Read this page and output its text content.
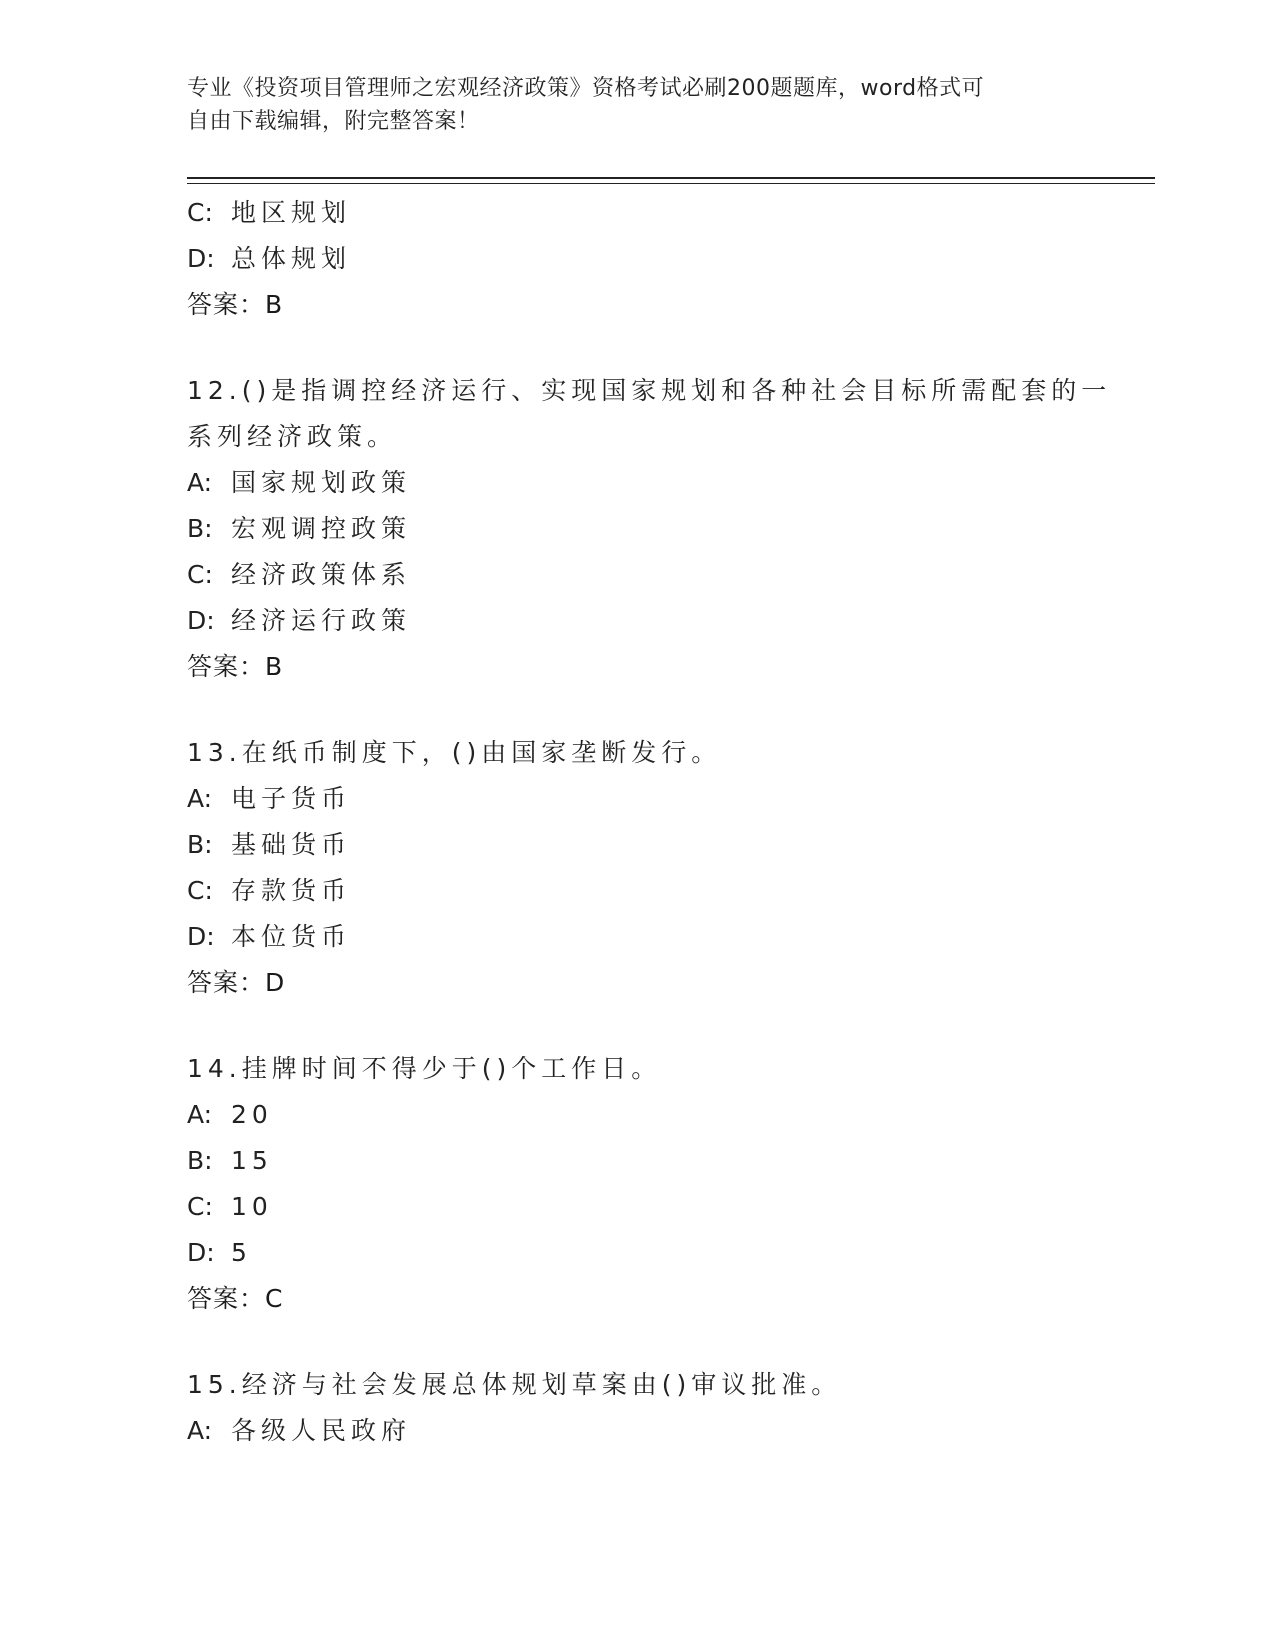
专业《投资项目管理师之宏观经济政策》资格考试必刷200题题库，word格式可
自由下载编辑，附完整答案！
C: 地区规划
D: 总体规划
答案：B
12.()是指调控经济运行、实现国家规划和各种社会目标所需配套的一
系列经济政策。
A: 国家规划政策
B: 宏观调控政策
C: 经济政策体系
D: 经济运行政策
答案：B
13.在纸币制度下，()由国家垄断发行。
A: 电子货币
B: 基础货币
C: 存款货币
D: 本位货币
答案：D
14.挂牌时间不得少于()个工作日。
A: 20
B: 15
C: 10
D: 5
答案：C
15.经济与社会发展总体规划草案由()审议批准。
A: 各级人民政府
